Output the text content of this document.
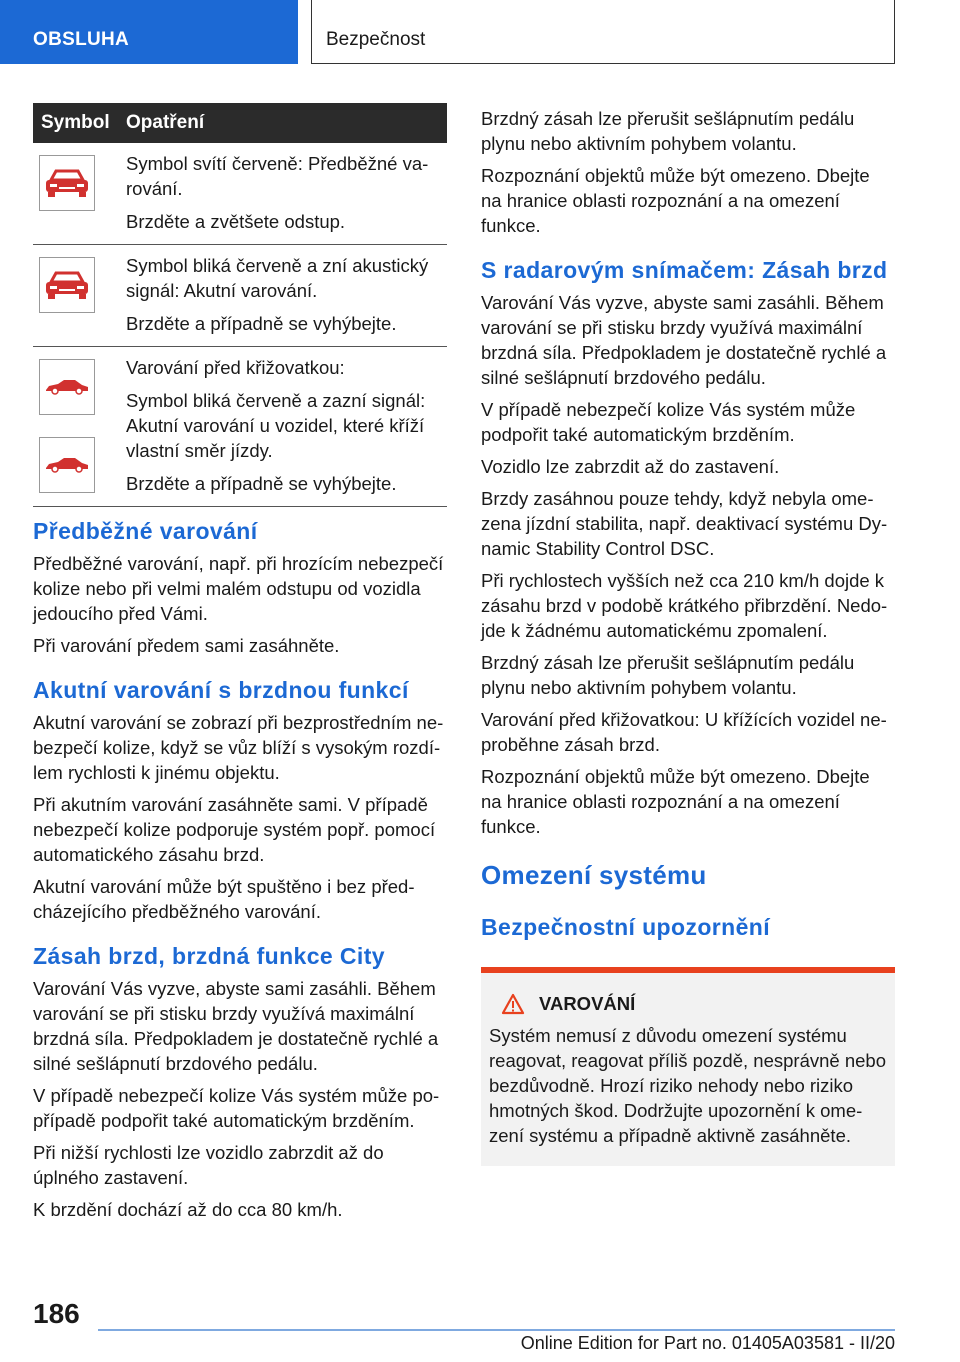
OBSLUHA	Bezpečnost
Symbol Opatření

Symbol svítí červeně: Předběžné va-rování.

Brzděte a zvětšete odstup.

Symbol bliká červeně a zní akustický signál: Akutní varování.

Brzděte a případně se vyhýbejte.

Varování před křižovatkou:

Symbol bliká červeně a zazní signál: Akutní varování u vozidel, které kříží vlastní směr jízdy.

Brzděte a případně se vyhýbejte.

Předběžné varování

Předběžné varování, např. při hrozícím nebezpečí kolize nebo při velmi malém odstupu od vozidla jedoucího před Vámi.

Při varování předem sami zasáhněte.

Akutní varování s brzdnou funkcí

Akutní varování se zobrazí při bezprostředním ne-bezpečí kolize, když se vůz blíží s vysokým rozdí-lem rychlosti k jinému objektu.

Při akutním varování zasáhněte sami. V případě nebezpečí kolize podporuje systém popř. pomocí automatického zásahu brzd.

Akutní varování může být spuštěno i bez před-cházejícího předběžného varování.

Zásah brzd, brzdná funkce City

Varování Vás vyzve, abyste sami zasáhli. Během varování se při stisku brzdy využívá maximální brzdná síla. Předpokladem je dostatečně rychlé a silné sešlápnutí brzdového pedálu.

V případě nebezpečí kolize Vás systém může po-případě podpořit také automatickým brzděním.

Při nižší rychlosti lze vozidlo zabrzdit až do úplného zastavení.

K brzdění dochází až do cca 80 km/h.

Brzdný zásah lze přerušit sešlápnutím pedálu plynu nebo aktivním pohybem volantu.

Rozpoznání objektů může být omezeno. Dbejte na hranice oblasti rozpoznání a na omezení funkce.

S radarovým snímačem: Zásah brzd

Varování Vás vyzve, abyste sami zasáhli. Během varování se při stisku brzdy využívá maximální brzdná síla. Předpokladem je dostatečně rychlé a silné sešlápnutí brzdového pedálu.

V případě nebezpečí kolize Vás systém může podpořit také automatickým brzděním.

Vozidlo lze zabrzdit až do zastavení.

Brzdy zasáhnou pouze tehdy, když nebyla ome-zena jízdní stabilita, např. deaktivací systému Dy-namic Stability Control DSC.

Při rychlostech vyšších než cca 210 km/h dojde k zásahu brzd v podobě krátkého přibrzdění. Nedo-jde k žádnému automatickému zpomalení.

Brzdný zásah lze přerušit sešlápnutím pedálu plynu nebo aktivním pohybem volantu.

Varování před křižovatkou: U křížících vozidel ne-proběhne zásah brzd.

Rozpoznání objektů může být omezeno. Dbejte na hranice oblasti rozpoznání a na omezení funkce.

Omezení systému
Bezpečnostní upozornění
VAROVÁNÍ
Systém nemusí z důvodu omezení systému reagovat, reagovat příliš pozdě, nesprávně nebo bezdůvodně. Hrozí riziko nehody nebo riziko hmotných škod. Dodržujte upozornění k ome-zení systému a případně aktivně zasáhněte.
186
Online Edition for Part no. 01405A03581 - II/20
